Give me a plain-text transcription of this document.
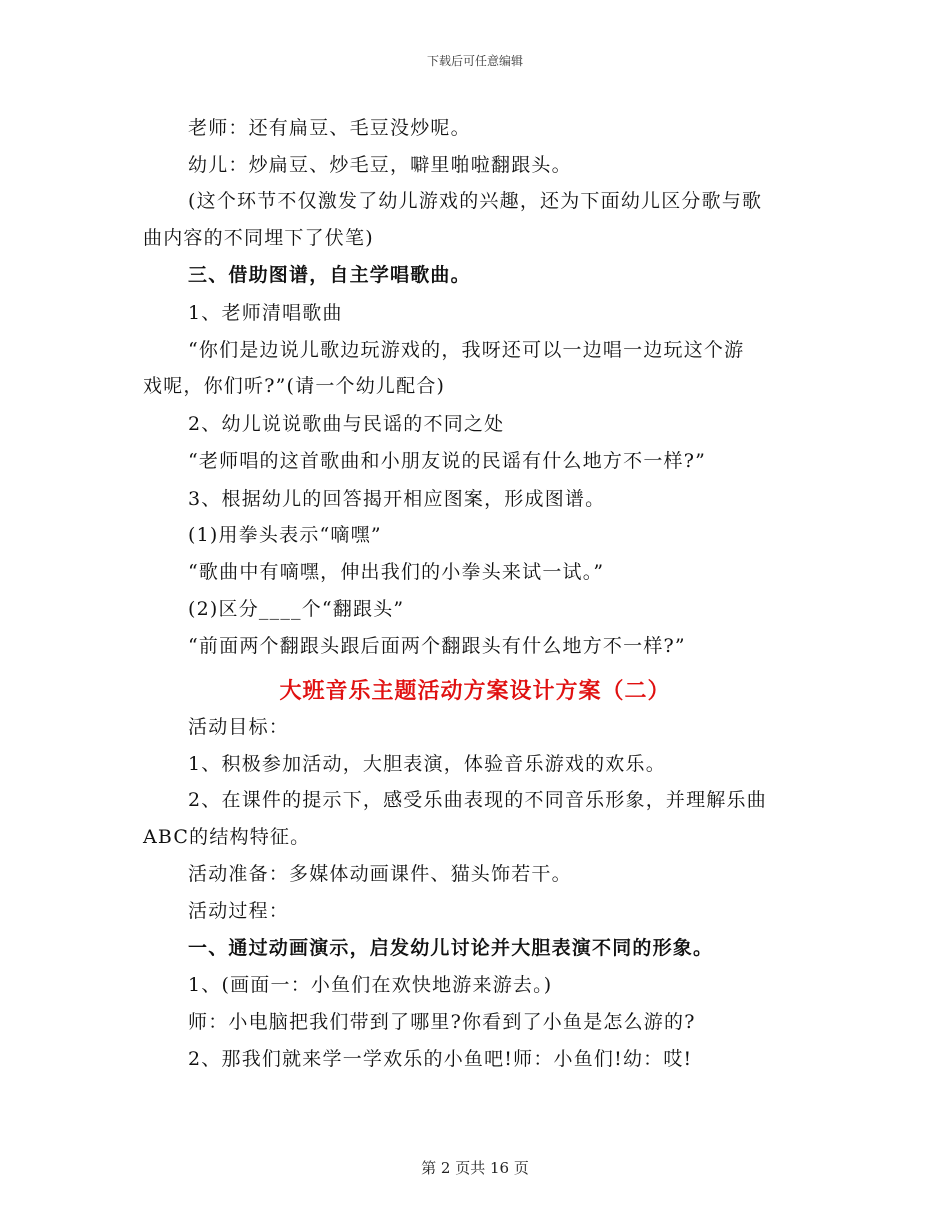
下载后可任意编辑
老师：还有扁豆、毛豆没炒呢。
幼儿：炒扁豆、炒毛豆，噼里啪啦翻跟头。
(这个环节不仅激发了幼儿游戏的兴趣，还为下面幼儿区分歌与歌
曲内容的不同埋下了伏笔)
三、借助图谱，自主学唱歌曲。
1、老师清唱歌曲
“你们是边说儿歌边玩游戏的，我呀还可以一边唱一边玩这个游
戏呢，你们听?”(请一个幼儿配合)
2、幼儿说说歌曲与民谣的不同之处
“老师唱的这首歌曲和小朋友说的民谣有什么地方不一样?”
3、根据幼儿的回答揭开相应图案，形成图谱。
(1)用拳头表示“嘀嘿”
“歌曲中有嘀嘿，伸出我们的小拳头来试一试。”
(2)区分____个“翻跟头”
“前面两个翻跟头跟后面两个翻跟头有什么地方不一样?”
大班音乐主题活动方案设计方案（二）
活动目标：
1、积极参加活动，大胆表演，体验音乐游戏的欢乐。
2、在课件的提示下，感受乐曲表现的不同音乐形象，并理解乐曲
ABC的结构特征。
活动准备：多媒体动画课件、猫头饰若干。
活动过程：
一、通过动画演示，启发幼儿讨论并大胆表演不同的形象。
1、(画面一：小鱼们在欢快地游来游去。)
师：小电脑把我们带到了哪里?你看到了小鱼是怎么游的?
2、那我们就来学一学欢乐的小鱼吧!师：小鱼们!幼：哎!
第 2 页共 16 页
